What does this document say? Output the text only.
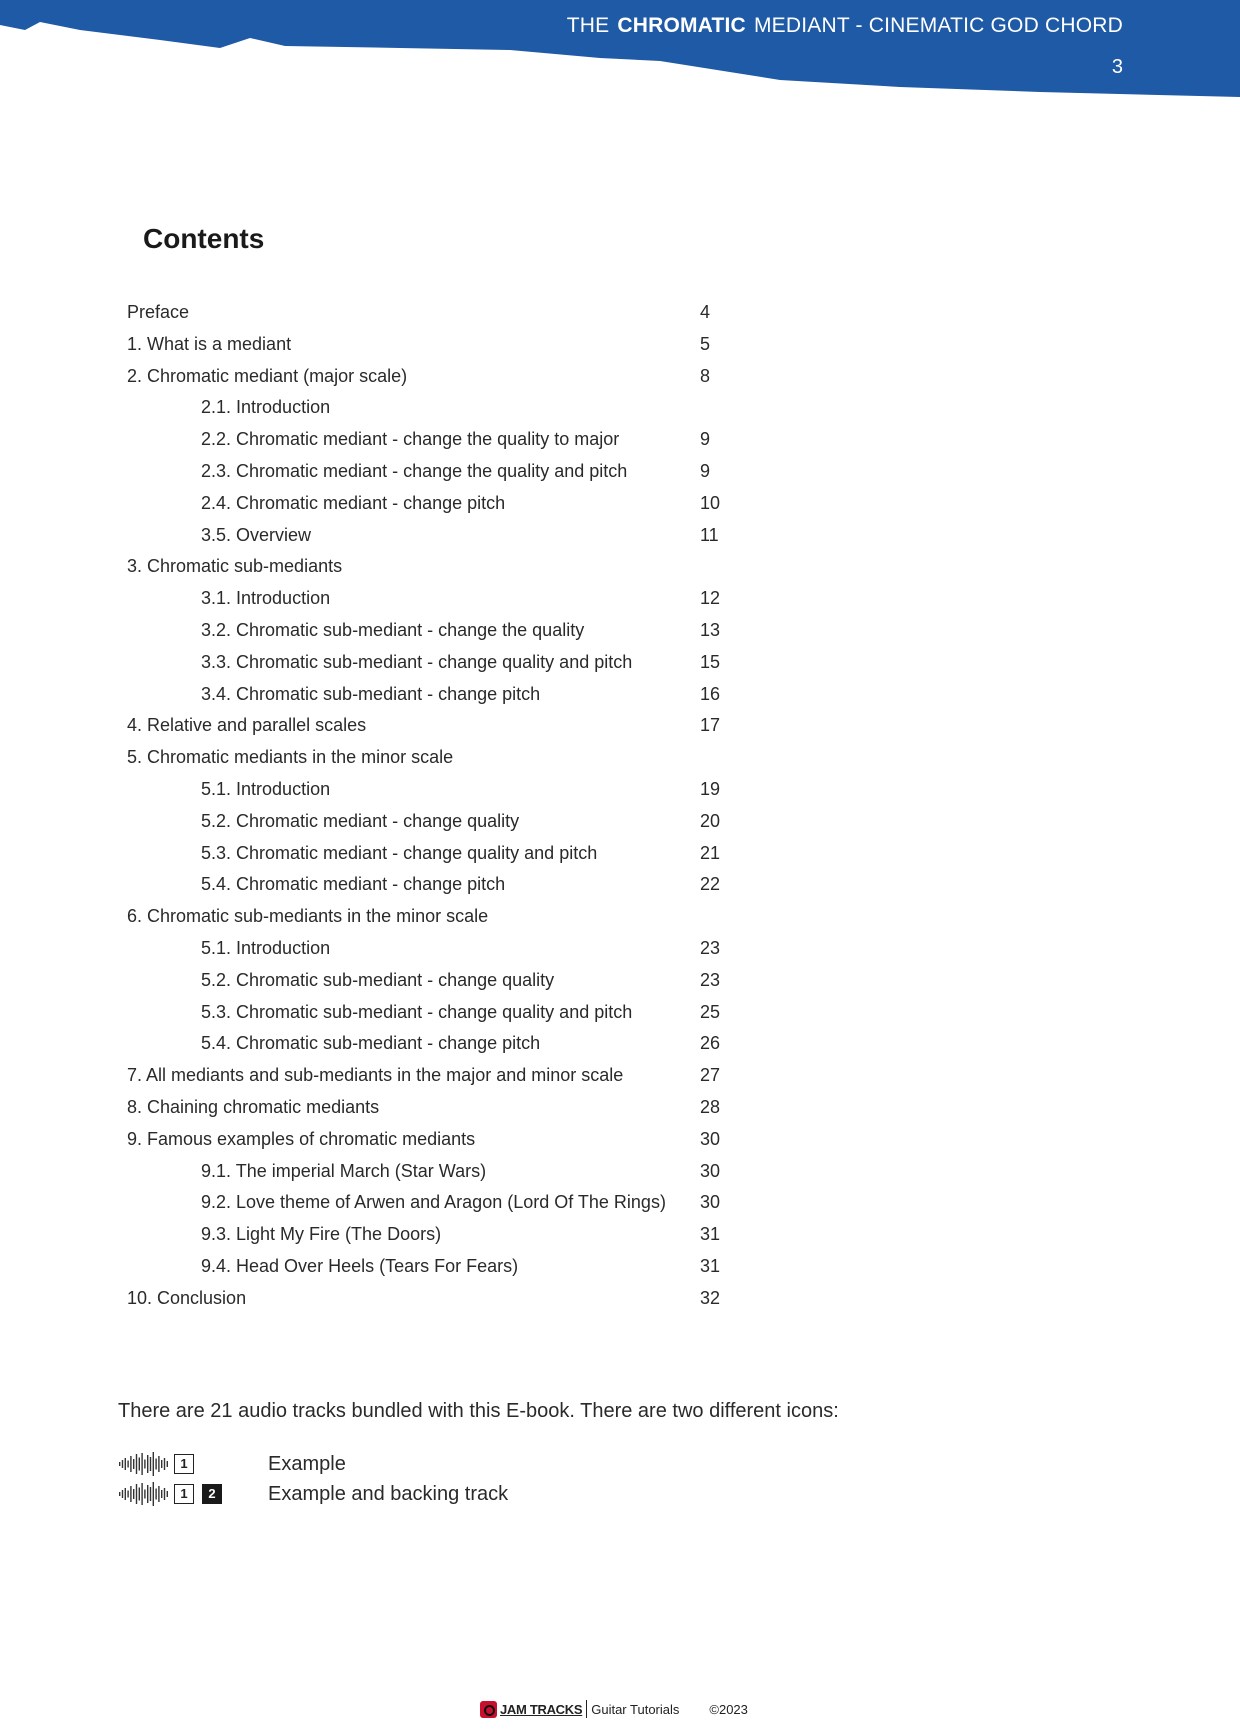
THE CHROMATIC MEDIANT - CINEMATIC GOD CHORD
3
Contents
Preface	4
1. What is a mediant	5
2. Chromatic mediant (major scale)	8
2.1. Introduction
2.2. Chromatic mediant - change the quality to major	9
2.3. Chromatic mediant - change the quality and pitch	9
2.4. Chromatic mediant - change pitch	10
3.5. Overview	11
3. Chromatic sub-mediants
3.1. Introduction	12
3.2. Chromatic sub-mediant - change the quality	13
3.3. Chromatic sub-mediant - change quality and pitch	15
3.4. Chromatic sub-mediant - change pitch	16
4. Relative and parallel scales	17
5. Chromatic mediants in the minor scale
5.1. Introduction	19
5.2. Chromatic mediant - change quality	20
5.3. Chromatic mediant - change quality and pitch	21
5.4. Chromatic mediant - change pitch	22
6. Chromatic sub-mediants in the minor scale
5.1. Introduction	23
5.2. Chromatic sub-mediant - change quality	23
5.3. Chromatic sub-mediant - change quality and pitch	25
5.4. Chromatic sub-mediant - change pitch	26
7. All mediants and sub-mediants in the major and minor scale	27
8. Chaining chromatic mediants	28
9. Famous examples of chromatic mediants	30
9.1. The imperial March (Star Wars)	30
9.2. Love theme of Arwen and Aragon (Lord Of The Rings) 30
9.3. Light My Fire (The Doors)	31
9.4. Head Over Heels (Tears For Fears)	31
10. Conclusion	32

There are 21 audio tracks bundled with this E-book. There are two different icons:

1	Example
1	2	Example and backing track
JAM TRACKS Guitar Tutorials ©2023
